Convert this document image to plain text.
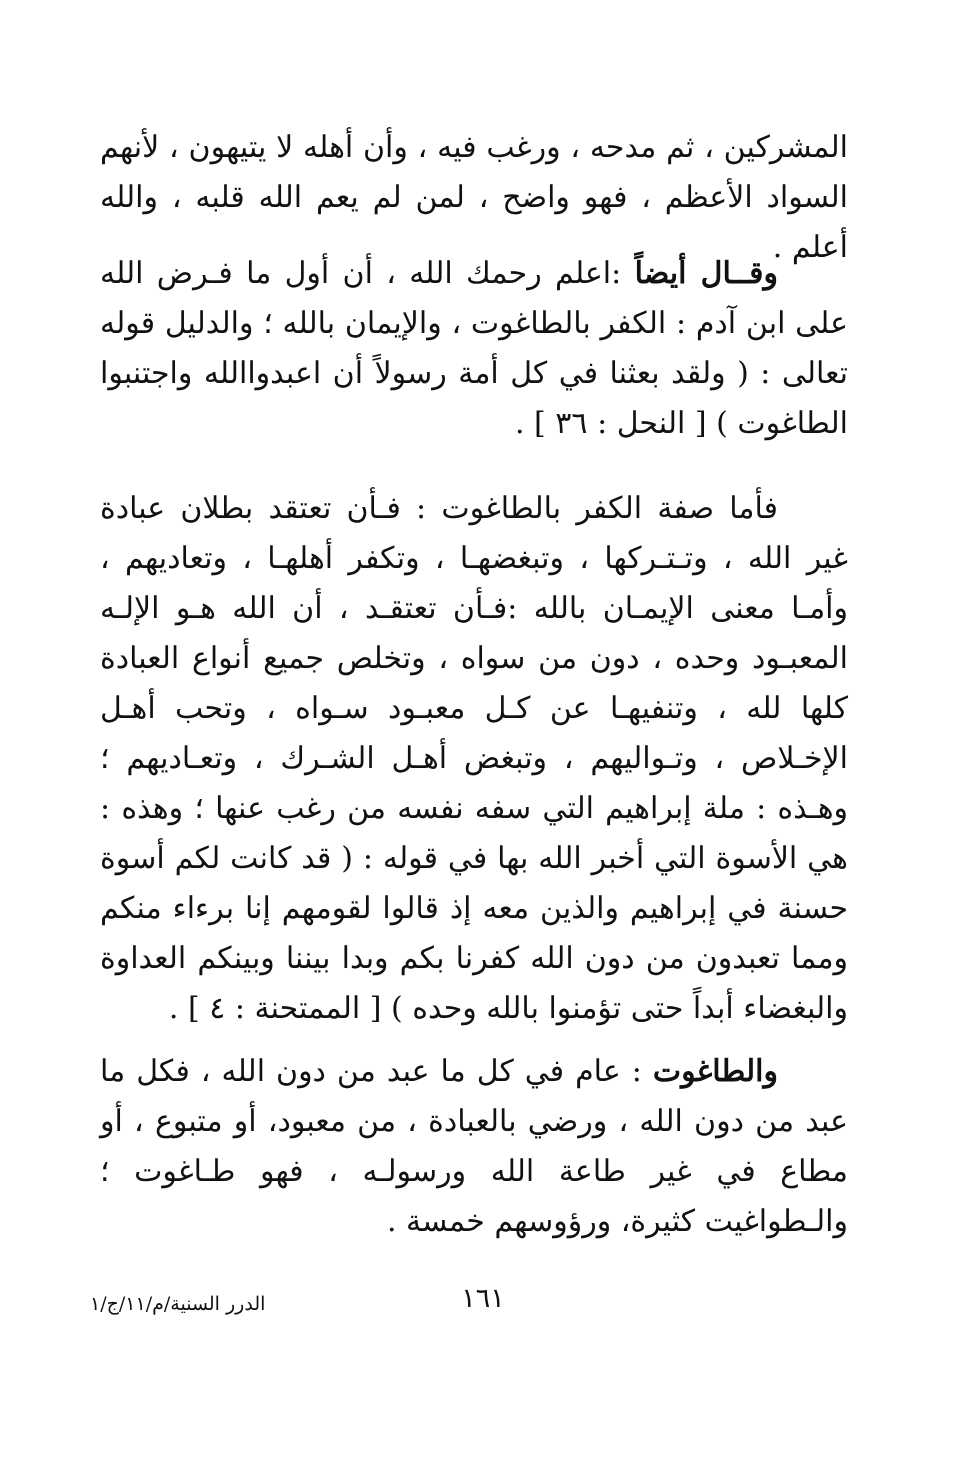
المشركين ، ثم مدحه ، ورغب فيه ، وأن أهله لا يتيهون ، لأنهم السواد الأعظم ، فهو واضح ، لمن لم يعم الله قلبه ، والله أعلم .

وقــال أيضاً :اعلم رحمك الله ، أن أول ما فـرض الله على ابن آدم : الكفر بالطاغوت ، والإيمان بالله ؛ والدليل قوله تعالى : ( ولقد بعثنا في كل أمة رسولاً أن اعبدواالله واجتنبوا الطاغوت ) [ النحل : ٣٦ ] .

فأما صفة الكفر بالطاغوت : فـأن تعتقد بطلان عبادة غير الله ، وتـتـركها ، وتبغضهـا ، وتكفر أهلهـا ، وتعاديهم ، وأمـا معنى الإيمـان بالله :فـأن تعتقـد ، أن الله هـو الإلـه المعبـود وحده ، دون من سواه ، وتخلص جميع أنواع العبادة كلها لله ، وتنفيهـا عن كـل معبـود سـواه ، وتحب أهـل الإخـلاص ، وتـواليهم ، وتبغض أهـل الشـرك ، وتعـاديهم ؛ وهـذه : ملة إبراهيم التي سفه نفسه من رغب عنها ؛ وهذه : هي الأسوة التي أخبر الله بها في قوله : ( قد كانت لكم أسوة حسنة في إبراهيم والذين معه إذ قالوا لقومهم إنا برءاء منكم ومما تعبدون من دون الله كفرنا بكم وبدا بيننا وبينكم العداوة والبغضاء أبداً حتى تؤمنوا بالله وحده ) [ الممتحنة : ٤ ] .

والطاغوت : عام في كل ما عبد من دون الله ، فكل ما عبد من دون الله ، ورضي بالعبادة ، من معبود، أو متبوع ، أو مطاع في غير طاعة الله ورسولـه ، فهو طـاغوت ؛ والـطواغيت كثيرة، ورؤوسهم خمسة .

١٦١
الدرر السنية/م/١١/ج/١
